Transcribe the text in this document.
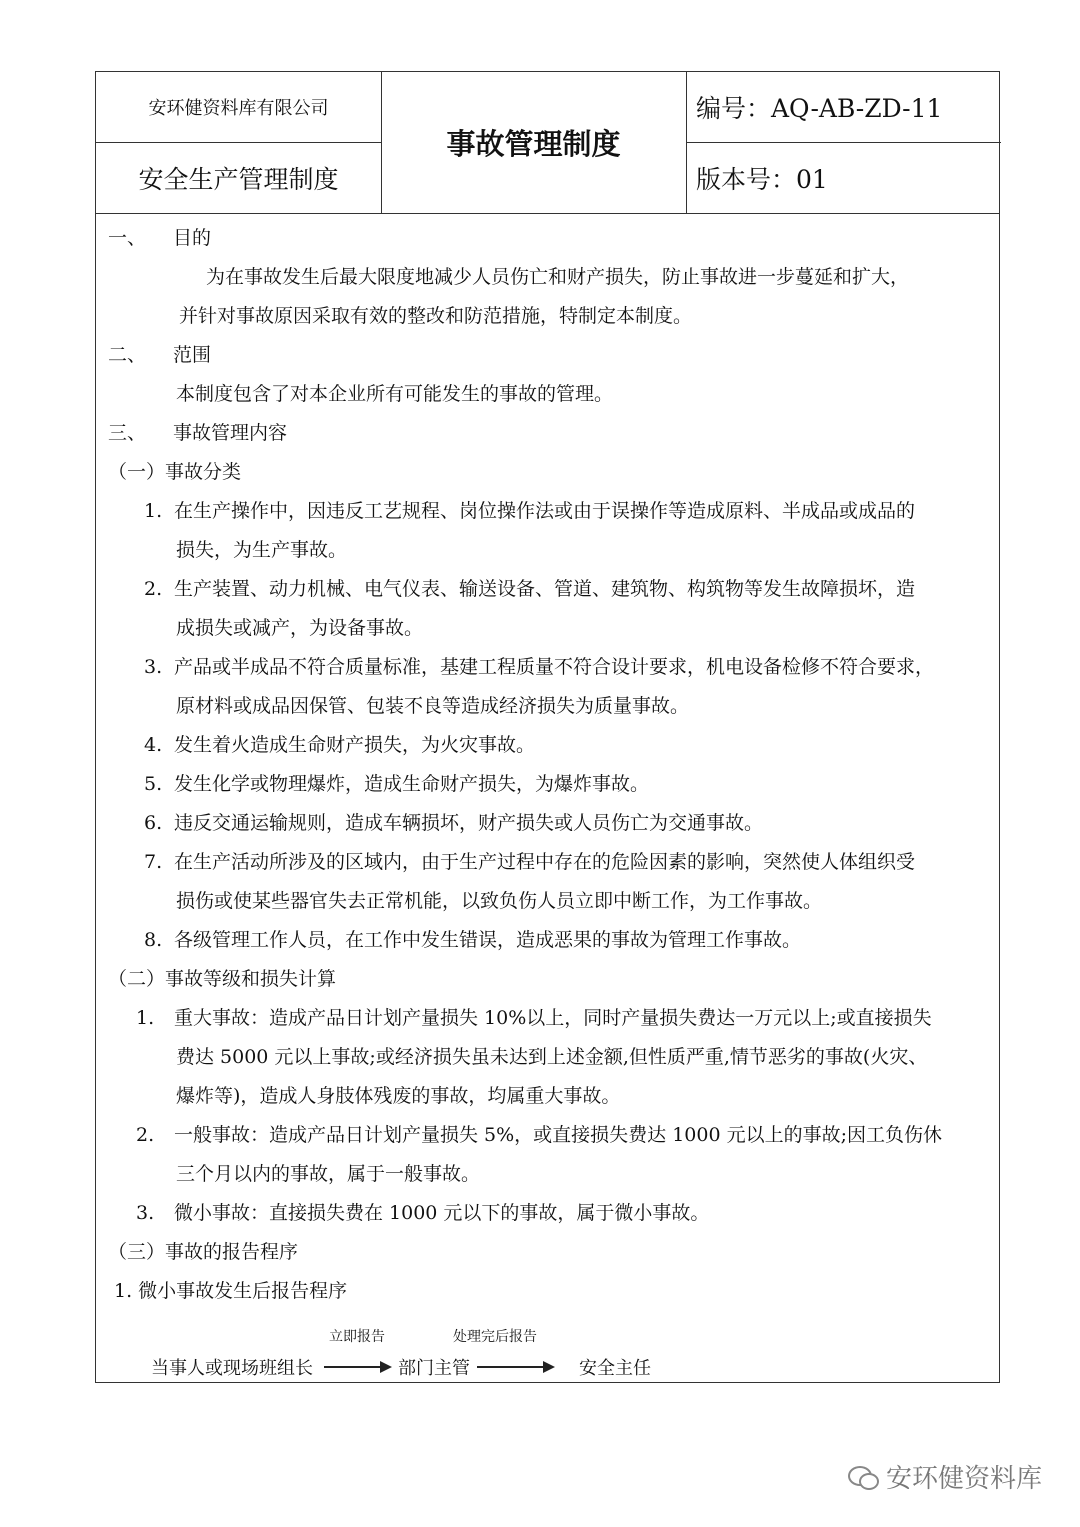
安环健资料库有限公司
安全生产管理制度
事故管理制度
编号：AQ-AB-ZD-11
版本号：01
一、 目的
为在事故发生后最大限度地减少人员伤亡和财产损失，防止事故进一步蔓延和扩大，
并针对事故原因采取有效的整改和防范措施，特制定本制度。
二、 范围
本制度包含了对本企业所有可能发生的事故的管理。
三、 事故管理内容
（一）事故分类
1. 在生产操作中，因违反工艺规程、岗位操作法或由于误操作等造成原料、半成品或成品的
损失，为生产事故。
2. 生产装置、动力机械、电气仪表、输送设备、管道、建筑物、构筑物等发生故障损坏，造
成损失或减产，为设备事故。
3. 产品或半成品不符合质量标准，基建工程质量不符合设计要求，机电设备检修不符合要求，
原材料或成品因保管、包装不良等造成经济损失为质量事故。
4. 发生着火造成生命财产损失，为火灾事故。
5. 发生化学或物理爆炸，造成生命财产损失，为爆炸事故。
6. 违反交通运输规则，造成车辆损坏，财产损失或人员伤亡为交通事故。
7. 在生产活动所涉及的区域内，由于生产过程中存在的危险因素的影响，突然使人体组织受
损伤或使某些器官失去正常机能，以致负伤人员立即中断工作，为工作事故。
8. 各级管理工作人员，在工作中发生错误，造成恶果的事故为管理工作事故。
（二）事故等级和损失计算
1. 重大事故：造成产品日计划产量损失 10%以上，同时产量损失费达一万元以上;或直接损失
费达 5000 元以上事故;或经济损失虽未达到上述金额,但性质严重,情节恶劣的事故(火灾、
爆炸等)，造成人身肢体残废的事故，均属重大事故。
2. 一般事故：造成产品日计划产量损失 5%，或直接损失费达 1000 元以上的事故;因工负伤休
三个月以内的事故，属于一般事故。
3. 微小事故：直接损失费在 1000 元以下的事故，属于微小事故。
（三）事故的报告程序
1. 微小事故发生后报告程序
立即报告	处理完后报告
当事人或现场班组长	部门主管	安全主任
安环健资料库
